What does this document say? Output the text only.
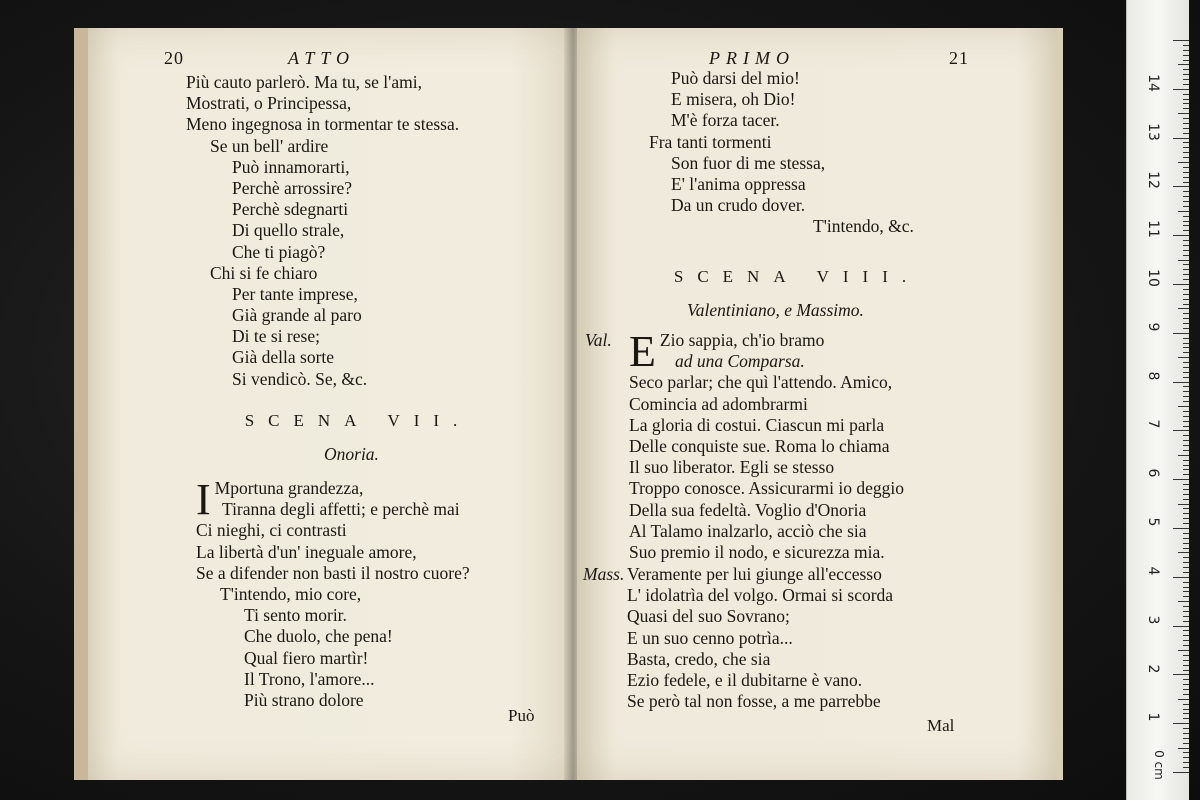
20	ATTO
Più cauto parlerò. Ma tu, se l'ami,
Mostrati, o Principessa,
Meno ingegnosa in tormentar te stessa.
Se un bell' ardire
Può innamorarti,
Perchè arrossire?
Perchè sdegnarti
Di quello strale,
Che ti piagò?
Chi si fe chiaro
Per tante imprese,
Già grande al paro
Di te si rese;
Già della sorte
Si vendicò. Se, &c.
SCENA VII.
Onoria.
I Mportuna grandezza,
Tiranna degli affetti; e perchè mai
Ci nieghi, ci contrasti
La libertà d'un' ineguale amore,
Se a difender non basti il nostro cuore?
T'intendo, mio core,
Ti sento morir.
Che duolo, che pena!
Qual fiero martìr!
Il Trono, l'amore...
Più strano dolore
Può
PRIMO	21
Può darsi del mio!
E misera, oh Dio!
M'è forza tacer.
Fra tanti tormenti
Son fuor di me stessa,
E' l'anima oppressa
Da un crudo dover.
T'intendo, &c.
SCENA VIII.
Valentiniano, e Massimo.
Val. E Zio sappia, ch'io bramo
ad una Comparsa.
Seco parlar; che quì l'attendo. Amico,
Comincia ad adombrarmi
La gloria di costui. Ciascun mi parla
Delle conquiste sue. Roma lo chiama
Il suo liberator. Egli se stesso
Troppo conosce. Assicurarmi io deggio
Della sua fedeltà. Voglio d'Onoria
Al Talamo inalzarlo, acciò che sia
Suo premio il nodo, e sicurezza mia.
Mass. Veramente per lui giunge all'eccesso
L' idolatrìa del volgo. Ormai si scorda
Quasi del suo Sovrano;
E un suo cenno potrìa...
Basta, credo, che sia
Ezio fedele, e il dubitarne è vano.
Se però tal non fosse, a me parrebbe
Mal
0 cm
1
2
3
4
5
6
7
8
9
10
11
12
13
14
